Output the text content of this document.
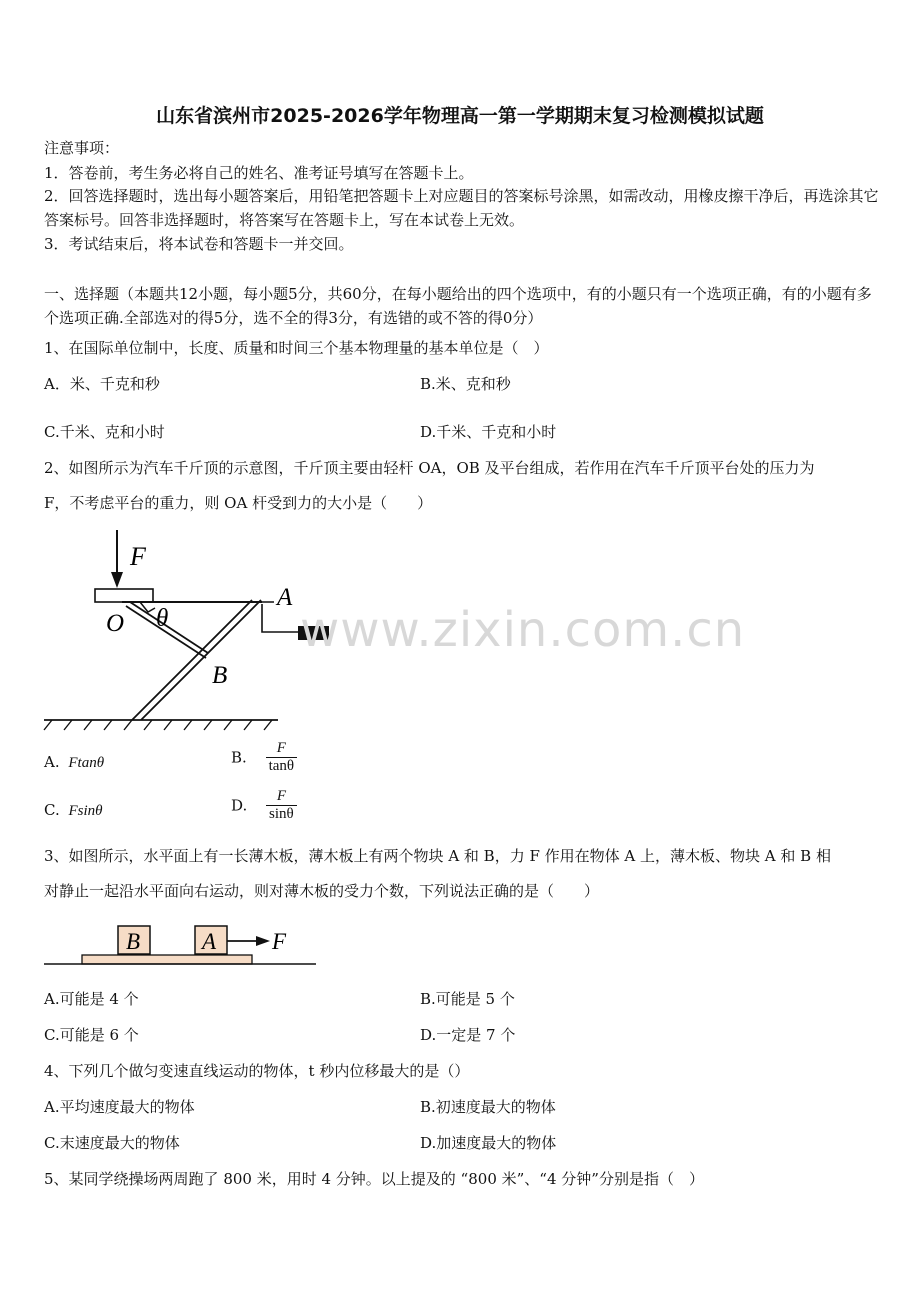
山东省滨州市2025-2026学年物理高一第一学期期末复习检测模拟试题
注意事项：
1．答卷前，考生务必将自己的姓名、准考证号填写在答题卡上。
2．回答选择题时，选出每小题答案后，用铅笔把答题卡上对应题目的答案标号涂黑，如需改动，用橡皮擦干净后，再选涂其它答案标号。回答非选择题时，将答案写在答题卡上，写在本试卷上无效。
3．考试结束后，将本试卷和答题卡一并交回。
一、选择题（本题共12小题，每小题5分，共60分，在每小题给出的四个选项中，有的小题只有一个选项正确，有的小题有多个选项正确.全部选对的得5分，选不全的得3分，有选错的或不答的得0分）
1、在国际单位制中，长度、质量和时间三个基本物理量的基本单位是（　）
A．米、千克和秒	B.米、克和秒
C.千米、克和小时	D.千米、千克和小时
2、如图所示为汽车千斤顶的示意图，千斤顶主要由轻杆 OA，OB 及平台组成，若作用在汽车千斤顶平台处的压力为
F，不考虑平台的重力，则 OA 杆受到力的大小是（　　）
F
O θ
A
B
www.zixin.com.cn
A. Ftanθ	B. $\frac{F}{\tan\theta}$
C. Fsinθ	D. $\frac{F}{\sin\theta}$
3、如图所示，水平面上有一长薄木板，薄木板上有两个物块 A 和 B，力 F 作用在物体 A 上，薄木板、物块 A 和 B 相
对静止一起沿水平面向右运动，则对薄木板的受力个数，下列说法正确的是（　　）
B	A F
A.可能是 4 个	B.可能是 5 个
C.可能是 6 个	D.一定是 7 个
4、下列几个做匀变速直线运动的物体，t 秒内位移最大的是（）
A.平均速度最大的物体	B.初速度最大的物体
C.末速度最大的物体	D.加速度最大的物体
5、某同学绕操场两周跑了 800 米，用时 4 分钟。以上提及的 “800 米”、“4 分钟”分别是指（　）
